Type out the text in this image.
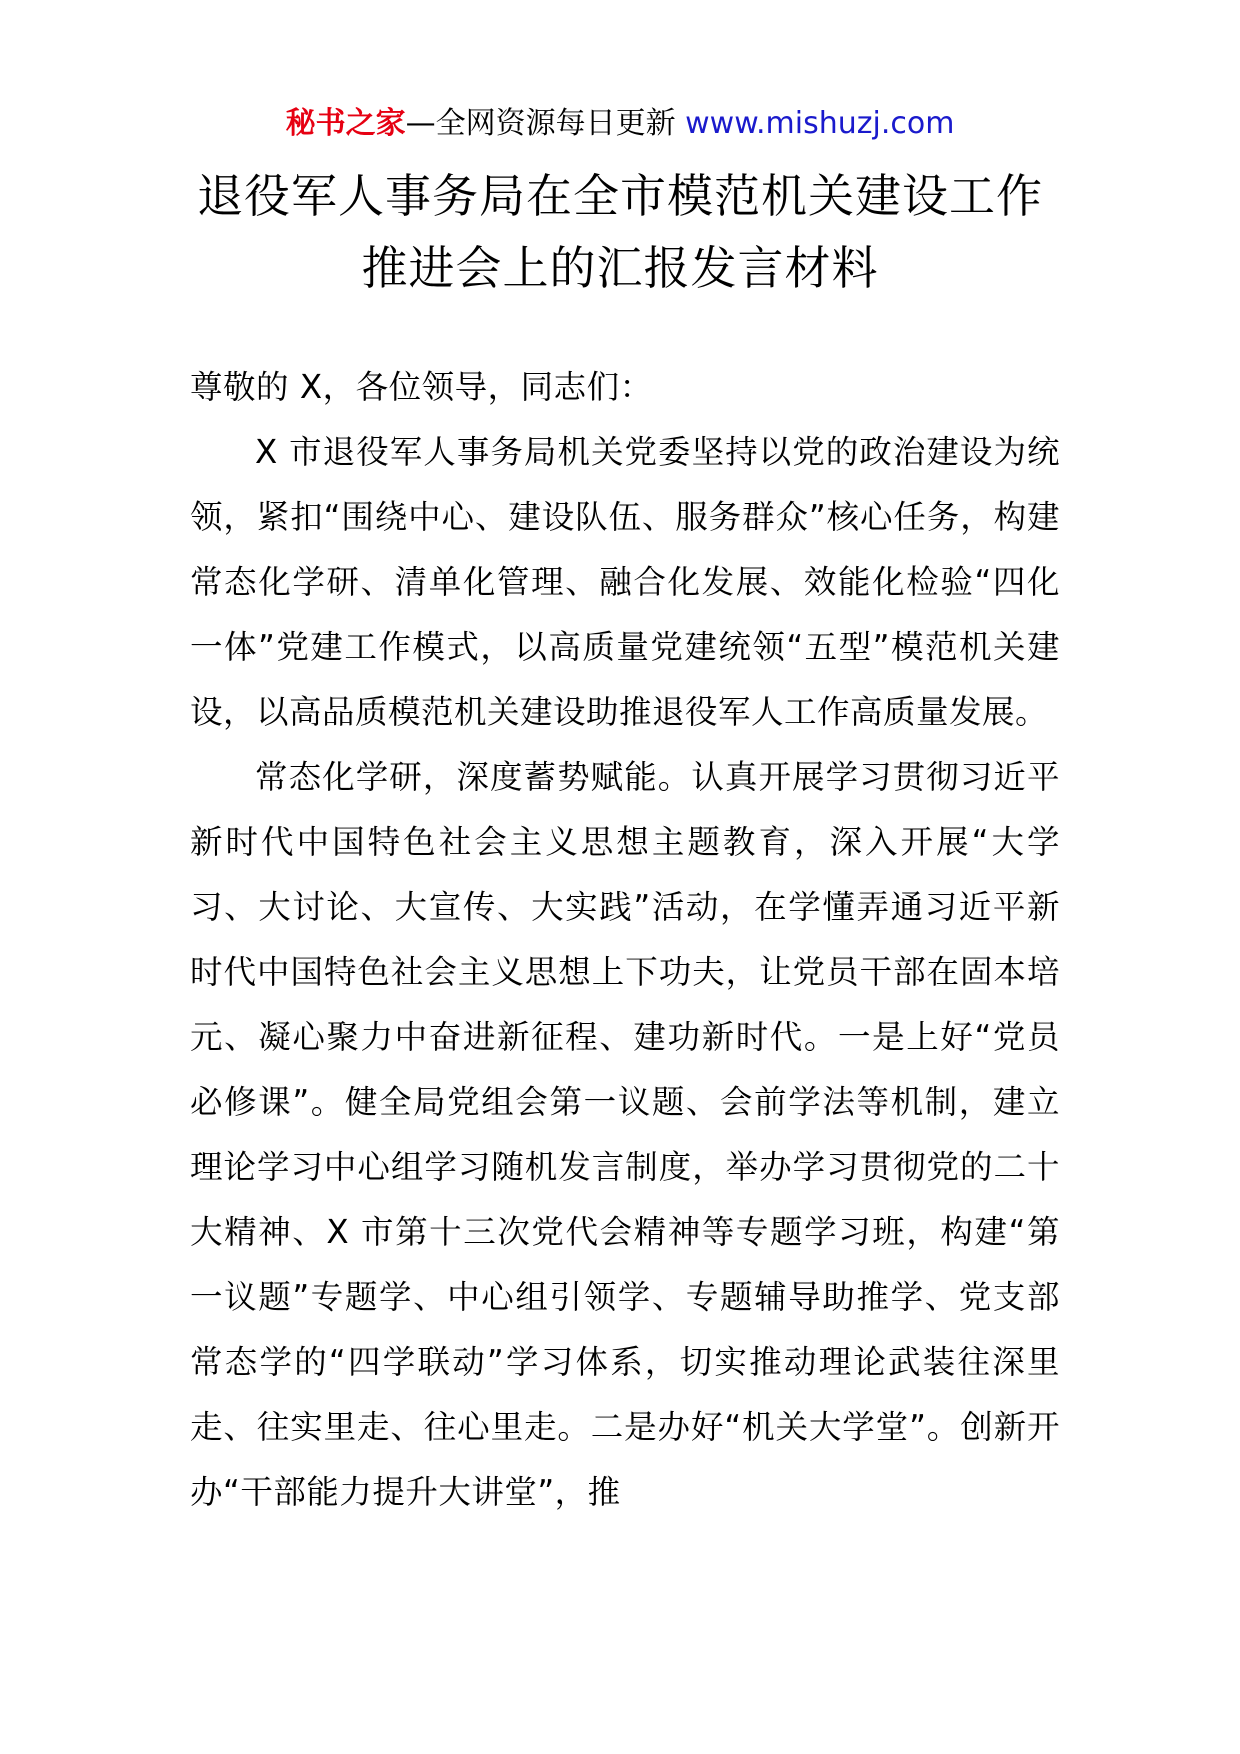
秘书之家—全网资源每日更新 www.mishuzj.com
退役军人事务局在全市模范机关建设工作
推进会上的汇报发言材料

尊敬的 X，各位领导，同志们：

X 市退役军人事务局机关党委坚持以党的政治建设为统领，紧扣“围绕中心、建设队伍、服务群众”核心任务，构建常态化学研、清单化管理、融合化发展、效能化检验“四化一体”党建工作模式，以高质量党建统领“五型”模范机关建设，以高品质模范机关建设助推退役军人工作高质量发展。

常态化学研，深度蓄势赋能。认真开展学习贯彻习近平新时代中国特色社会主义思想主题教育，深入开展“大学习、大讨论、大宣传、大实践”活动，在学懂弄通习近平新时代中国特色社会主义思想上下功夫，让党员干部在固本培元、凝心聚力中奋进新征程、建功新时代。一是上好“党员必修课”。健全局党组会第一议题、会前学法等机制，建立理论学习中心组学习随机发言制度，举办学习贯彻党的二十大精神、X 市第十三次党代会精神等专题学习班，构建“第一议题”专题学、中心组引领学、专题辅导助推学、党支部常态学的“四学联动”学习体系，切实推动理论武装往深里走、往实里走、往心里走。二是办好“机关大学堂”。创新开办“干部能力提升大讲堂”，推
